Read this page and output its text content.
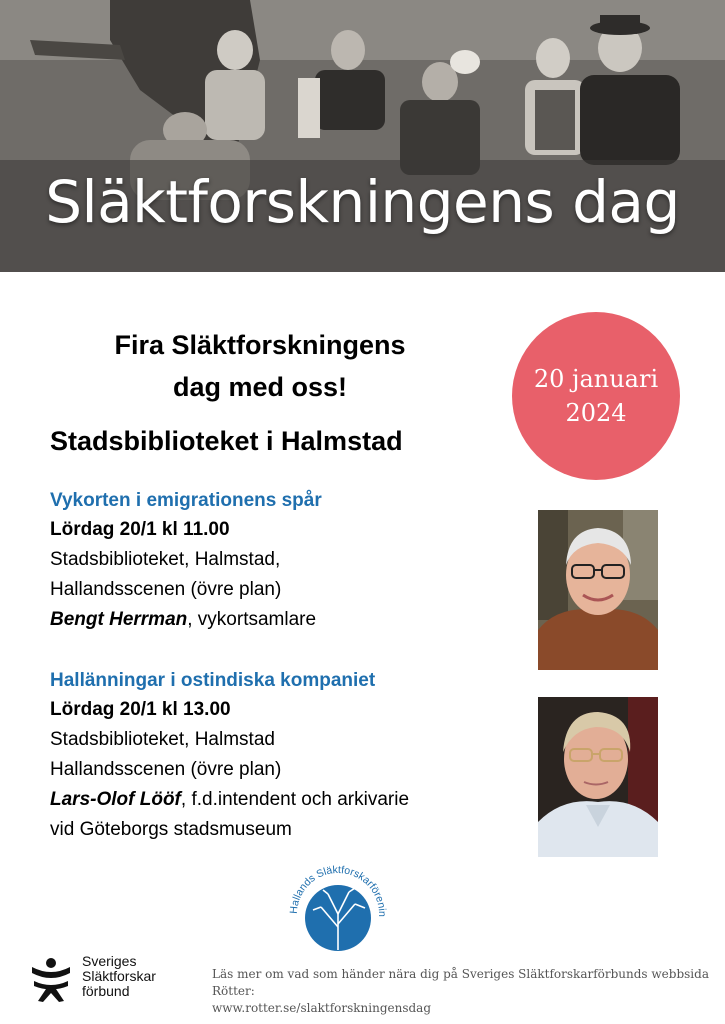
Släktforskningens dag
Fira Släktforskningens
dag med oss!
Stadsbiblioteket i Halmstad
20 januari
2024
Vykorten i emigrationens spår
Lördag 20/1 kl 11.00
Stadsbiblioteket, Halmstad,
Hallandsscenen (övre plan)
Bengt Herrman, vykortsamlare
Hallänningar i ostindiska kompaniet
Lördag 20/1 kl 13.00
Stadsbiblioteket, Halmstad
Hallandsscenen (övre plan)
Lars-Olof Lööf, f.d.intendent och arkivarie
vid Göteborgs stadsmuseum
Hallands Släktforskarförenin
Sveriges
Släktforskar
förbund
Läs mer om vad som händer nära dig på Sveriges Släktforskarförbunds webbsida Rötter:
www.rotter.se/slaktforskningensdag
